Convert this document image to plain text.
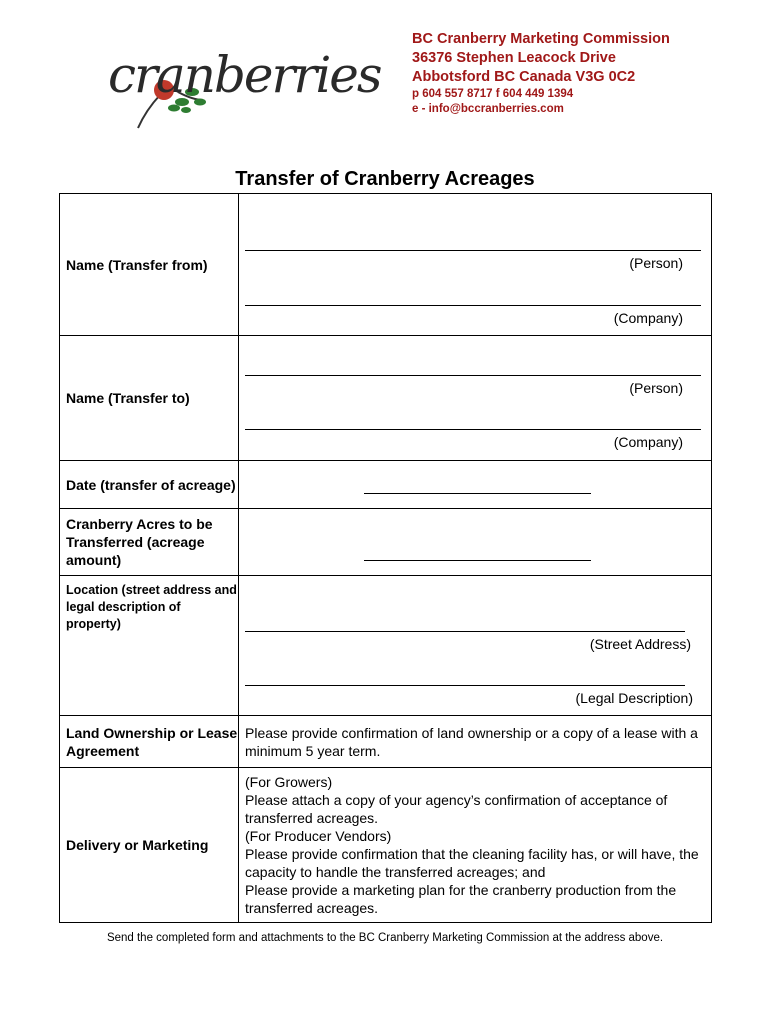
cranberries
BC Cranberry Marketing Commission
36376 Stephen Leacock Drive
Abbotsford BC Canada V3G 0C2
p 604 557 8717 f 604 449 1394
e - info@bccranberries.com
Transfer of Cranberry Acreages
Name (Transfer from)	(Person)
(Company)

Name (Transfer to)	(Person)
(Company)

Date (transfer of acreage)	

Cranberry Acres to be Transferred (acreage amount)	

Location (street address and legal description of property)	(Street Address)
(Legal Description)

Land Ownership or Lease Agreement	Please provide confirmation of land ownership or a copy of a lease with a minimum 5 year term.

Delivery or Marketing	(For Growers)
Please attach a copy of your agency’s confirmation of acceptance of transferred acreages.
(For Producer Vendors)
Please provide confirmation that the cleaning facility has, or will have, the capacity to handle the transferred acreages; and
Please provide a marketing plan for the cranberry production from the transferred acreages.
Send the completed form and attachments to the BC Cranberry Marketing Commission at the address above.
